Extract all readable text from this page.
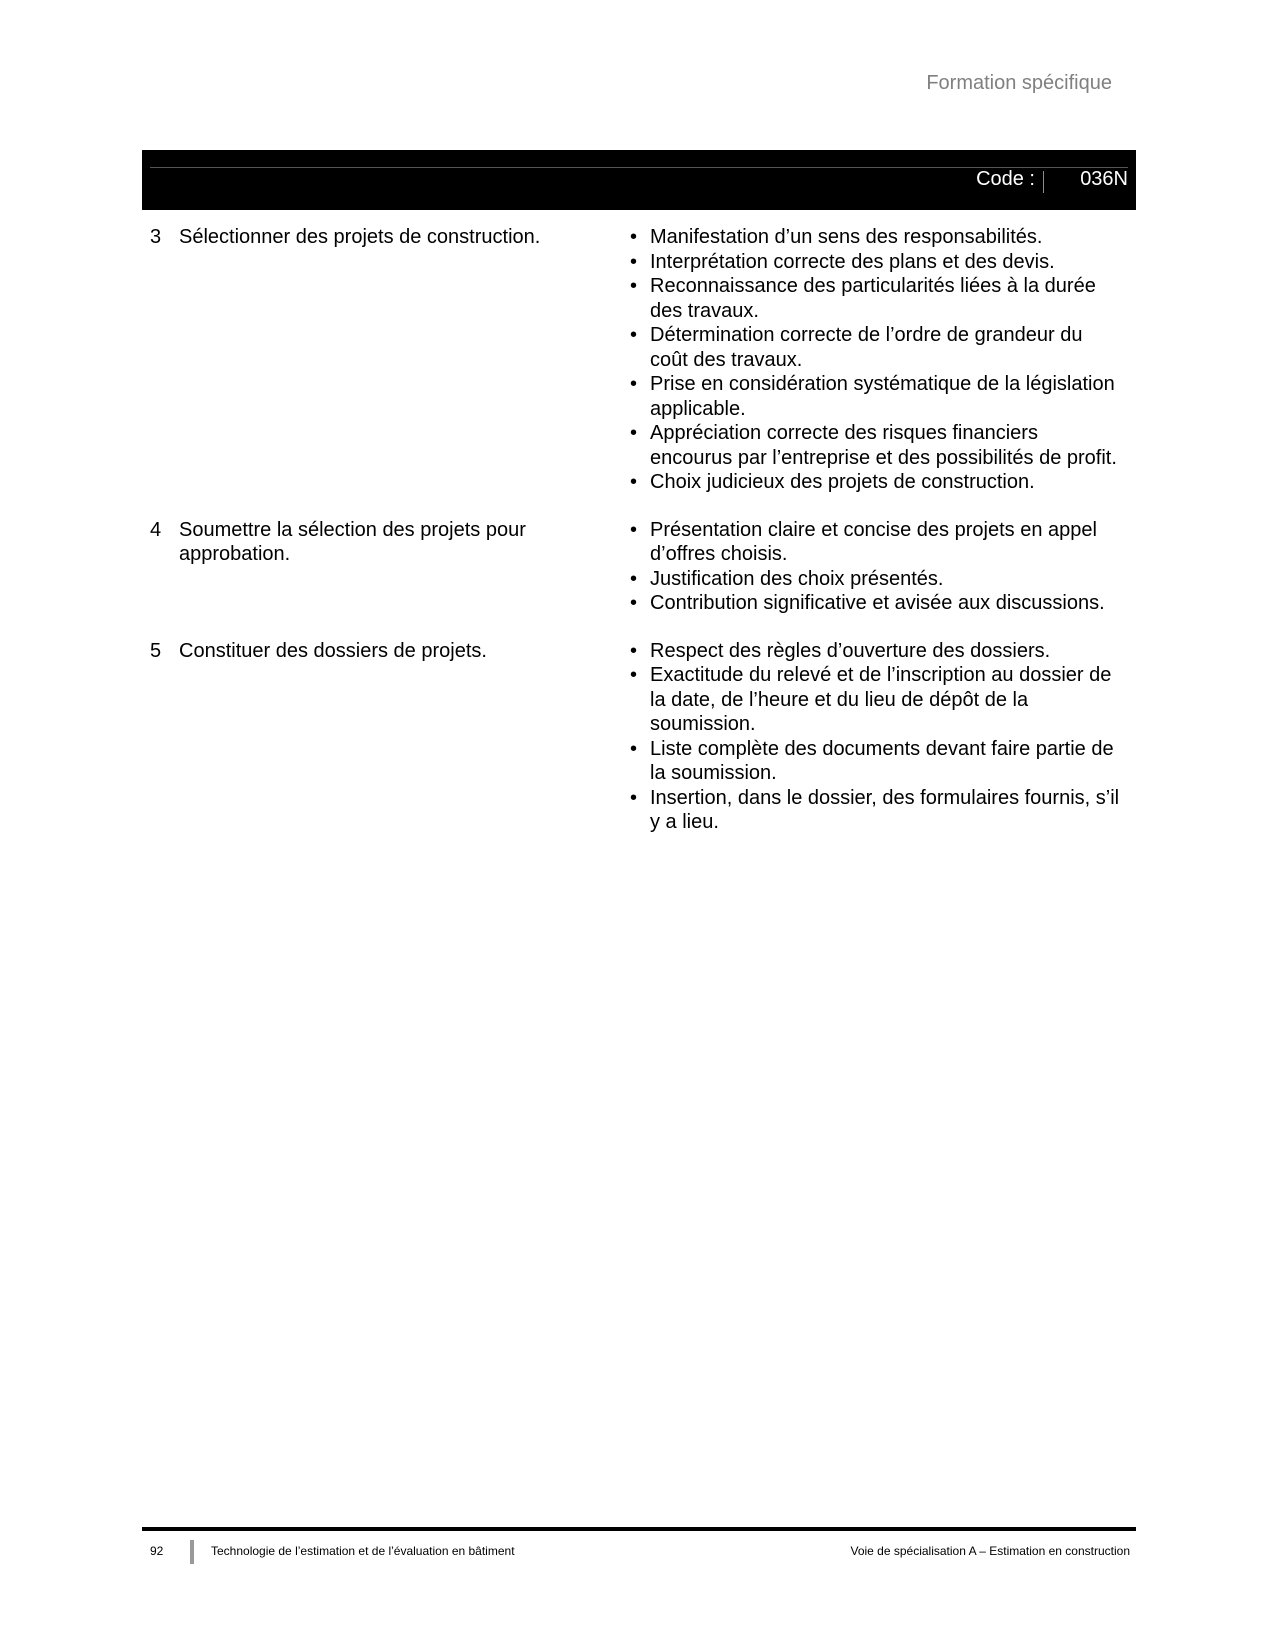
Formation spécifique
Code : 036N
3 Sélectionner des projets de construction.	• Manifestation d’un sens des responsabilités.
• Interprétation correcte des plans et des devis.
• Reconnaissance des particularités liées à la durée des travaux.
• Détermination correcte de l’ordre de grandeur du coût des travaux.
• Prise en considération systématique de la législation applicable.
• Appréciation correcte des risques financiers encourus par l’entreprise et des possibilités de profit.
• Choix judicieux des projets de construction.
4 Soumettre la sélection des projets pour approbation.
• Présentation claire et concise des projets en appel d’offres choisis.
• Justification des choix présentés.
• Contribution significative et avisée aux discussions.
5 Constituer des dossiers de projets.	• Respect des règles d’ouverture des dossiers.
• Exactitude du relevé et de l’inscription au dossier de la date, de l’heure et du lieu de dépôt de la soumission.
• Liste complète des documents devant faire partie de la soumission.
• Insertion, dans le dossier, des formulaires fournis, s’il y a lieu.
92	Technologie de l’estimation et de l’évaluation en bâtiment	Voie de spécialisation A – Estimation en construction
